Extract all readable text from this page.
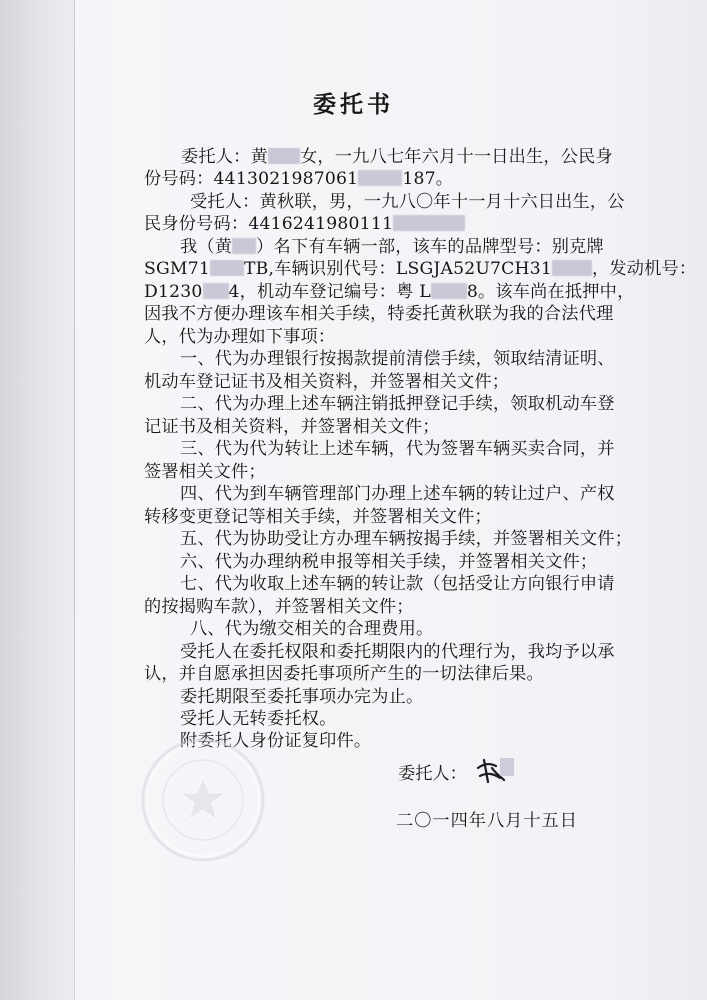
委托书
委托人：黄 女，一九八七年六月十一日出生，公民身
份号码：4413021987061	187。
受托人：黄秋联，男，一九八〇年十一月十六日出生，公
民身份号码：4416241980111
我（黄 ）名下有车辆一部，该车的品牌型号：别克牌
SGM71 TB,车辆识别代号：LSGJA52U7CH31 ，发动机号：
D1230 4，机动车登记编号：粤 L 8。该车尚在抵押中，
因我不方便办理该车相关手续，特委托黄秋联为我的合法代理
人，代为办理如下事项：
一、代为办理银行按揭款提前清偿手续，领取结清证明、
机动车登记证书及相关资料，并签署相关文件；
二、代为办理上述车辆注销抵押登记手续，领取机动车登
记证书及相关资料，并签署相关文件；
三、代为代为转让上述车辆，代为签署车辆买卖合同，并
签署相关文件；
四、代为到车辆管理部门办理上述车辆的转让过户、产权
转移变更登记等相关手续，并签署相关文件；
五、代为协助受让方办理车辆按揭手续，并签署相关文件；
六、代为办理纳税申报等相关手续，并签署相关文件；
七、代为收取上述车辆的转让款（包括受让方向银行申请
的按揭购车款），并签署相关文件；
八、代为缴交相关的合理费用。
受托人在委托权限和委托期限内的代理行为，我均予以承
认，并自愿承担因委托事项所产生的一切法律后果。
委托期限至委托事项办完为止。
受托人无转委托权。
附委托人身份证复印件。
委托人：
二〇一四年八月十五日
